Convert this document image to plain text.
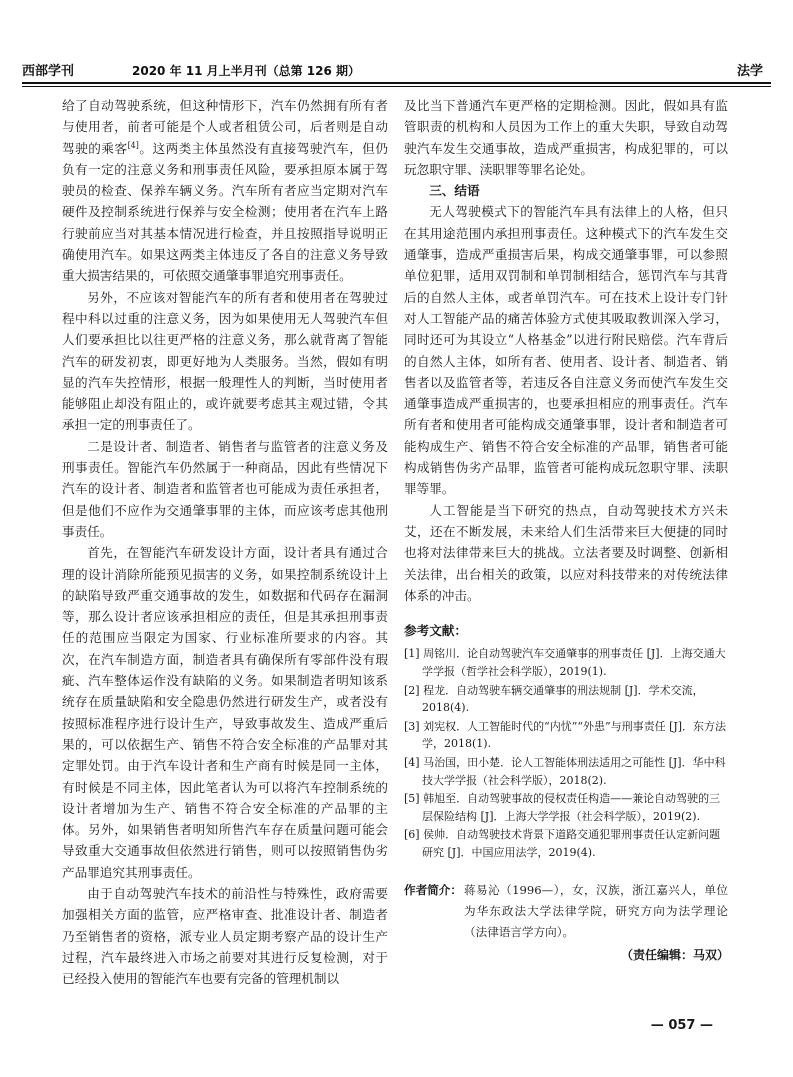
西部学刊	2020 年 11 月上半月刊（总第 126 期）	法学

给了自动驾驶系统，但这种情形下，汽车仍然拥有所有者与使用者，前者可能是个人或者租赁公司，后者则是自动驾驶的乘客[4]。这两类主体虽然没有直接驾驶汽车，但仍负有一定的注意义务和刑事责任风险，要承担原本属于驾驶员的检查、保养车辆义务。汽车所有者应当定期对汽车硬件及控制系统进行保养与安全检测；使用者在汽车上路行驶前应当对其基本情况进行检查，并且按照指导说明正确使用汽车。如果这两类主体违反了各自的注意义务导致重大损害结果的，可依照交通肇事罪追究刑事责任。

另外，不应该对智能汽车的所有者和使用者在驾驶过程中科以过重的注意义务，因为如果使用无人驾驶汽车但人们要承担比以往更严格的注意义务，那么就背离了智能汽车的研发初衷，即更好地为人类服务。当然，假如有明显的汽车失控情形，根据一般理性人的判断，当时使用者能够阻止却没有阻止的，或许就要考虑其主观过错，令其承担一定的刑事责任了。

二是设计者、制造者、销售者与监管者的注意义务及刑事责任。智能汽车仍然属于一种商品，因此有些情况下汽车的设计者、制造者和监管者也可能成为责任承担者，但是他们不应作为交通肇事罪的主体，而应该考虑其他刑事责任。

首先，在智能汽车研发设计方面，设计者具有通过合理的设计消除所能预见损害的义务，如果控制系统设计上的缺陷导致严重交通事故的发生，如数据和代码存在漏洞等，那么设计者应该承担相应的责任，但是其承担刑事责任的范围应当限定为国家、行业标准所要求的内容。其次，在汽车制造方面，制造者具有确保所有零部件没有瑕疵、汽车整体运作没有缺陷的义务。如果制造者明知该系统存在质量缺陷和安全隐患仍然进行研发生产，或者没有按照标准程序进行设计生产，导致事故发生、造成严重后果的，可以依据生产、销售不符合安全标准的产品罪对其定罪处罚。由于汽车设计者和生产商有时候是同一主体，有时候是不同主体，因此笔者认为可以将汽车控制系统的设计者增加为生产、销售不符合安全标准的产品罪的主体。另外，如果销售者明知所售汽车存在质量问题可能会导致重大交通事故但依然进行销售，则可以按照销售伪劣产品罪追究其刑事责任。

由于自动驾驶汽车技术的前沿性与特殊性，政府需要加强相关方面的监管，应严格审查、批准设计者、制造者乃至销售者的资格，派专业人员定期考察产品的设计生产过程，汽车最终进入市场之前要对其进行反复检测，对于已经投入使用的智能汽车也要有完备的管理机制以

及比当下普通汽车更严格的定期检测。因此，假如具有监管职责的机构和人员因为工作上的重大失职，导致自动驾驶汽车发生交通事故，造成严重损害，构成犯罪的，可以玩忽职守罪、渎职罪等罪名论处。

三、结语

无人驾驶模式下的智能汽车具有法律上的人格，但只在其用途范围内承担刑事责任。这种模式下的汽车发生交通肇事，造成严重损害后果，构成交通肇事罪，可以参照单位犯罪，适用双罚制和单罚制相结合，惩罚汽车与其背后的自然人主体，或者单罚汽车。可在技术上设计专门针对人工智能产品的痛苦体验方式使其吸取教训深入学习，同时还可为其设立“人格基金”以进行附民赔偿。汽车背后的自然人主体，如所有者、使用者、设计者、制造者、销售者以及监管者等，若违反各自注意义务而使汽车发生交通肇事造成严重损害的，也要承担相应的刑事责任。汽车所有者和使用者可能构成交通肇事罪，设计者和制造者可能构成生产、销售不符合安全标准的产品罪，销售者可能构成销售伪劣产品罪，监管者可能构成玩忽职守罪、渎职罪等罪。

人工智能是当下研究的热点，自动驾驶技术方兴未艾，还在不断发展，未来给人们生活带来巨大便捷的同时也将对法律带来巨大的挑战。立法者要及时调整、创新相关法律，出台相关的政策，以应对科技带来的对传统法律体系的冲击。

参考文献：
[1] 周铭川．论自动驾驶汽车交通肇事的刑事责任 [J]．上海交通大学学报（哲学社会科学版），2019(1).
[2] 程龙．自动驾驶车辆交通肇事的刑法规制 [J]．学术交流，2018(4).
[3] 刘宪权．人工智能时代的“内忧”“外患”与刑事责任 [J]．东方法学，2018(1).
[4] 马治国，田小楚．论人工智能体刑法适用之可能性 [J]．华中科技大学学报（社会科学版），2018(2).
[5] 韩旭至．自动驾驶事故的侵权责任构造——兼论自动驾驶的三层保险结构 [J]．上海大学学报（社会科学版），2019(2).
[6] 侯帅．自动驾驶技术背景下道路交通犯罪刑事责任认定新问题研究 [J]．中国应用法学，2019(4).
作者简介： 蒋易沁（1996—），女，汉族，浙江嘉兴人，单位为华东政法大学法律学院，研究方向为法学理论（法律语言学方向）。
（责任编辑：马双）
— 057 —
